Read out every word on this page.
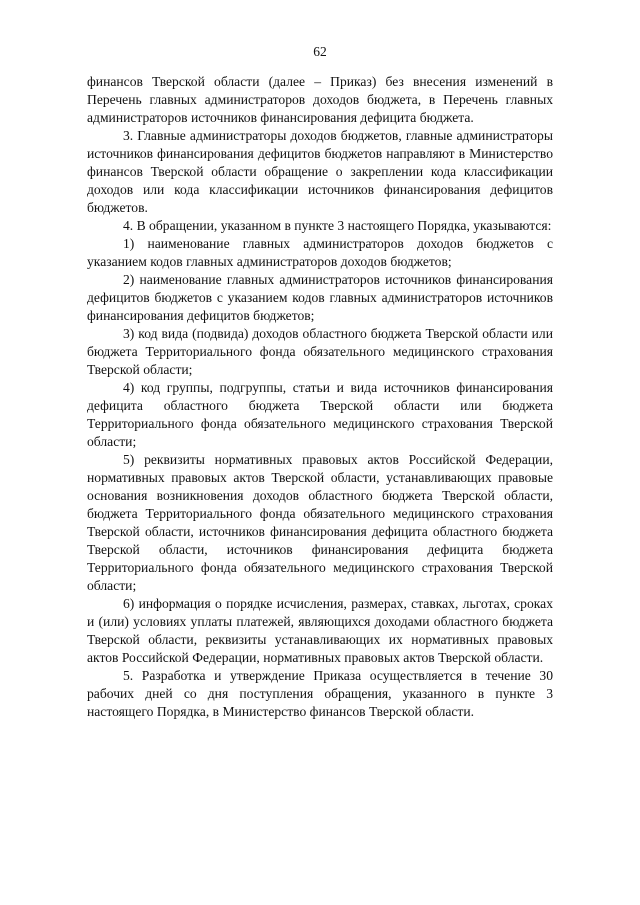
62

финансов Тверской области (далее – Приказ) без внесения изменений в Перечень главных администраторов доходов бюджета, в Перечень главных администраторов источников финансирования дефицита бюджета.

3. Главные администраторы доходов бюджетов, главные администраторы источников финансирования дефицитов бюджетов направляют в Министерство финансов Тверской области обращение о закреплении кода классификации доходов или кода классификации источников финансирования дефицитов бюджетов.

4. В обращении, указанном в пункте 3 настоящего Порядка, указываются:

1) наименование главных администраторов доходов бюджетов с указанием кодов главных администраторов доходов бюджетов;

2) наименование главных администраторов источников финансирования дефицитов бюджетов с указанием кодов главных администраторов источников финансирования дефицитов бюджетов;

3) код вида (подвида) доходов областного бюджета Тверской области или бюджета Территориального фонда обязательного медицинского страхования Тверской области;

4) код группы, подгруппы, статьи и вида источников финансирования дефицита областного бюджета Тверской области или бюджета Территориального фонда обязательного медицинского страхования Тверской области;

5) реквизиты нормативных правовых актов Российской Федерации, нормативных правовых актов Тверской области, устанавливающих правовые основания возникновения доходов областного бюджета Тверской области, бюджета Территориального фонда обязательного медицинского страхования Тверской области, источников финансирования дефицита областного бюджета Тверской области, источников финансирования дефицита бюджета Территориального фонда обязательного медицинского страхования Тверской области;

6) информация о порядке исчисления, размерах, ставках, льготах, сроках и (или) условиях уплаты платежей, являющихся доходами областного бюджета Тверской области, реквизиты устанавливающих их нормативных правовых актов Российской Федерации, нормативных правовых актов Тверской области.

5. Разработка и утверждение Приказа осуществляется в течение 30 рабочих дней со дня поступления обращения, указанного в пункте 3 настоящего Порядка, в Министерство финансов Тверской области.
